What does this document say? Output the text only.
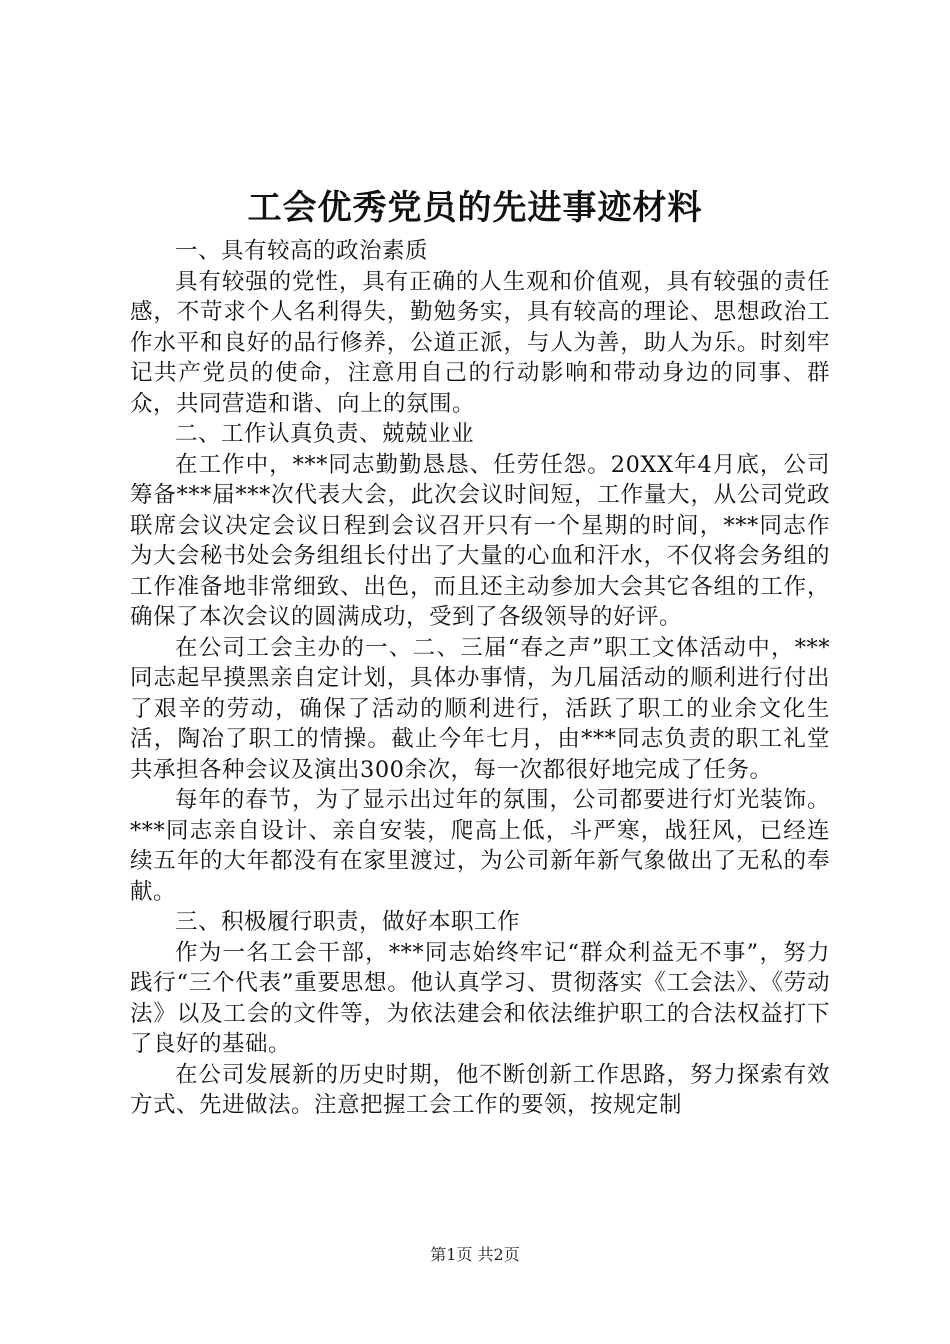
工会优秀党员的先进事迹材料

一、具有较高的政治素质

具有较强的党性，具有正确的人生观和价值观，具有较强的责任感，不苛求个人名利得失，勤勉务实，具有较高的理论、思想政治工作水平和良好的品行修养，公道正派，与人为善，助人为乐。时刻牢记共产党员的使命，注意用自己的行动影响和带动身边的同事、群众，共同营造和谐、向上的氛围。

二、工作认真负责、兢兢业业

在工作中，***同志勤勤恳恳、任劳任怨。20XX年4月底，公司筹备***届***次代表大会，此次会议时间短，工作量大，从公司党政联席会议决定会议日程到会议召开只有一个星期的时间，***同志作为大会秘书处会务组组长付出了大量的心血和汗水，不仅将会务组的工作准备地非常细致、出色，而且还主动参加大会其它各组的工作，确保了本次会议的圆满成功，受到了各级领导的好评。

在公司工会主办的一、二、三届“春之声”职工文体活动中，***同志起早摸黑亲自定计划，具体办事情，为几届活动的顺利进行付出了艰辛的劳动，确保了活动的顺利进行，活跃了职工的业余文化生活，陶冶了职工的情操。截止今年七月，由***同志负责的职工礼堂共承担各种会议及演出300余次，每一次都很好地完成了任务。

每年的春节，为了显示出过年的氛围，公司都要进行灯光装饰。***同志亲自设计、亲自安装，爬高上低，斗严寒，战狂风，已经连续五年的大年都没有在家里渡过，为公司新年新气象做出了无私的奉献。

三、积极履行职责，做好本职工作

作为一名工会干部，***同志始终牢记“群众利益无不事”，努力践行“三个代表”重要思想。他认真学习、贯彻落实《工会法》、《劳动法》以及工会的文件等，为依法建会和依法维护职工的合法权益打下了良好的基础。

在公司发展新的历史时期，他不断创新工作思路，努力探索有效方式、先进做法。注意把握工会工作的要领，按规定制

第1页 共2页
